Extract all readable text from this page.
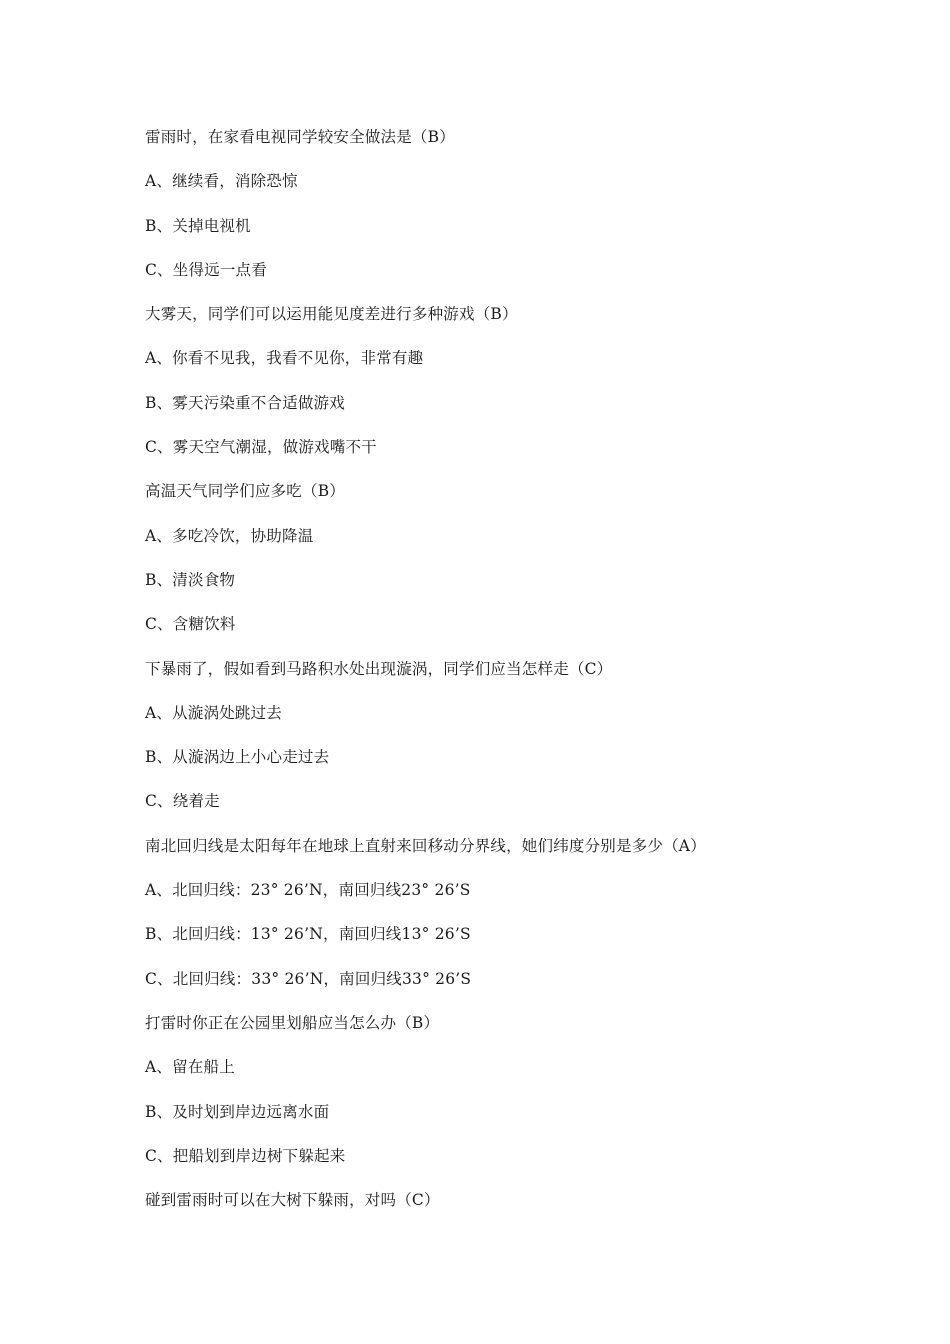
雷雨时，在家看电视同学较安全做法是（B）
A、继续看，消除恐惊
B、关掉电视机
C、坐得远一点看
大雾天，同学们可以运用能见度差进行多种游戏（B）
A、你看不见我，我看不见你，非常有趣
B、雾天污染重不合适做游戏
C、雾天空气潮湿，做游戏嘴不干
高温天气同学们应多吃（B）
A、多吃冷饮，协助降温
B、清淡食物
C、含糖饮料
下暴雨了，假如看到马路积水处出现漩涡，同学们应当怎样走（C）
A、从漩涡处跳过去
B、从漩涡边上小心走过去
C、绕着走
南北回归线是太阳每年在地球上直射来回移动分界线，她们纬度分别是多少（A）
A、北回归线：23° 26’N，南回归线23° 26’S
B、北回归线：13° 26’N，南回归线13° 26’S
C、北回归线：33° 26’N，南回归线33° 26’S
打雷时你正在公园里划船应当怎么办（B）
A、留在船上
B、及时划到岸边远离水面
C、把船划到岸边树下躲起来
碰到雷雨时可以在大树下躲雨，对吗（C）
